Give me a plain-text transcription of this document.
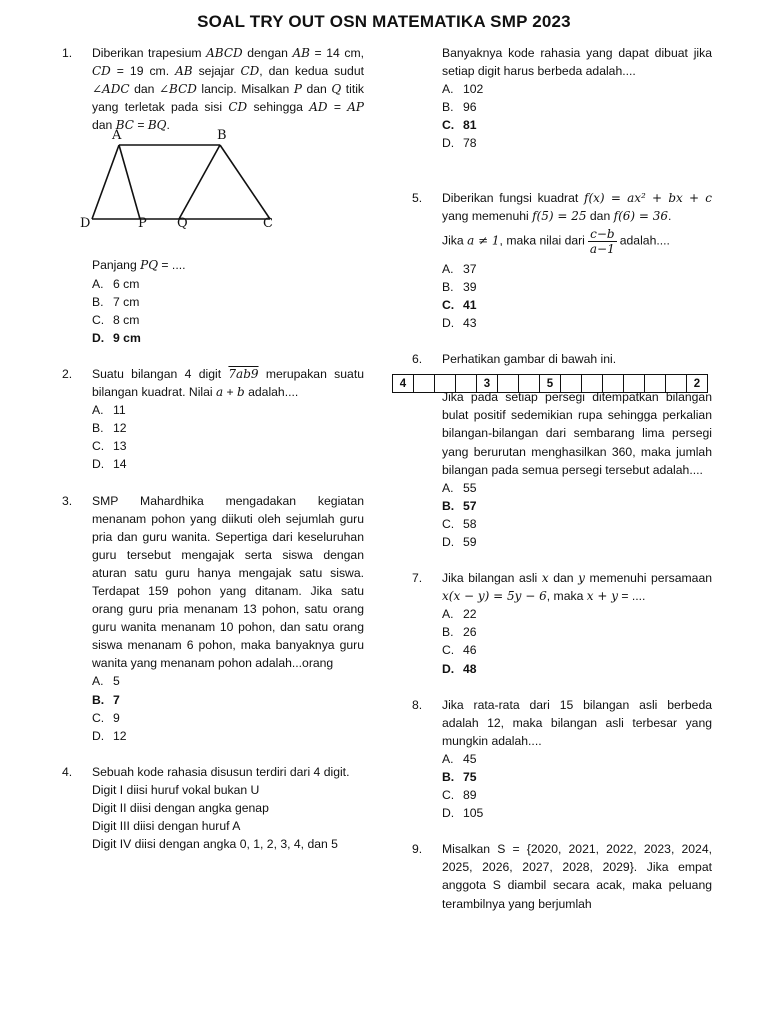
SOAL TRY OUT OSN MATEMATIKA SMP 2023
1. Diberikan trapesium ABCD dengan AB = 14 cm, CD = 19 cm. AB sejajar CD, dan kedua sudut ∠ADC dan ∠BCD lancip. Misalkan P dan Q titik yang terletak pada sisi CD sehingga AD = AP dan BC = BQ.
Panjang PQ = ....
A. 6 cm
B. 7 cm
C. 8 cm
D. 9 cm
2. Suatu bilangan 4 digit 7ab9 merupakan suatu bilangan kuadrat. Nilai a + b adalah....
A. 11
B. 12
C. 13
D. 14
3. SMP Mahardhika mengadakan kegiatan menanam pohon yang diikuti oleh sejumlah guru pria dan guru wanita. Sepertiga dari keseluruhan guru tersebut mengajak serta siswa dengan aturan satu guru hanya mengajak satu siswa. Terdapat 159 pohon yang ditanam. Jika satu orang guru pria menanam 13 pohon, satu orang guru wanita menanam 10 pohon, dan satu orang siswa menanam 6 pohon, maka banyaknya guru wanita yang menanam pohon adalah...orang
A. 5
B. 7
C. 9
D. 12
4. Sebuah kode rahasia disusun terdiri dari 4 digit.
Digit I diisi huruf vokal bukan U
Digit II diisi dengan angka genap
Digit III diisi dengan huruf A
Digit IV diisi dengan angka 0, 1, 2, 3, 4, dan 5
A	B
D	P Q	C
Banyaknya kode rahasia yang dapat dibuat jika setiap digit harus berbeda adalah....
A. 102
B. 96
C. 81
D. 78
5. Diberikan fungsi kuadrat f(x) = ax² + bx + c yang memenuhi f(5) = 25 dan f(6) = 36.
Jika a ≠ 1, maka nilai dari $\frac{c-b}{a-1}$ adalah....
A. 37
B. 39
C. 41
D. 43
6. Perhatikan gambar di bawah ini.
Jika pada setiap persegi ditempatkan bilangan bulat positif sedemikian rupa sehingga perkalian bilangan-bilangan dari sembarang lima persegi yang berurutan menghasilkan 360, maka jumlah bilangan pada semua persegi tersebut adalah....
A. 55
B. 57
C. 58
D. 59
7. Jika bilangan asli x dan y memenuhi persamaan x(x − y) = 5y − 6, maka x + y = ....
A. 22
B. 26
C. 46
D. 48
8. Jika rata-rata dari 15 bilangan asli berbeda adalah 12, maka bilangan asli terbesar yang mungkin adalah....
A. 45
B. 75
C. 89
D. 105
9. Misalkan S = {2020, 2021, 2022, 2023, 2024, 2025, 2026, 2027, 2028, 2029}. Jika empat anggota S diambil secara acak, maka peluang terambilnya yang berjumlah
4				3			5							2
